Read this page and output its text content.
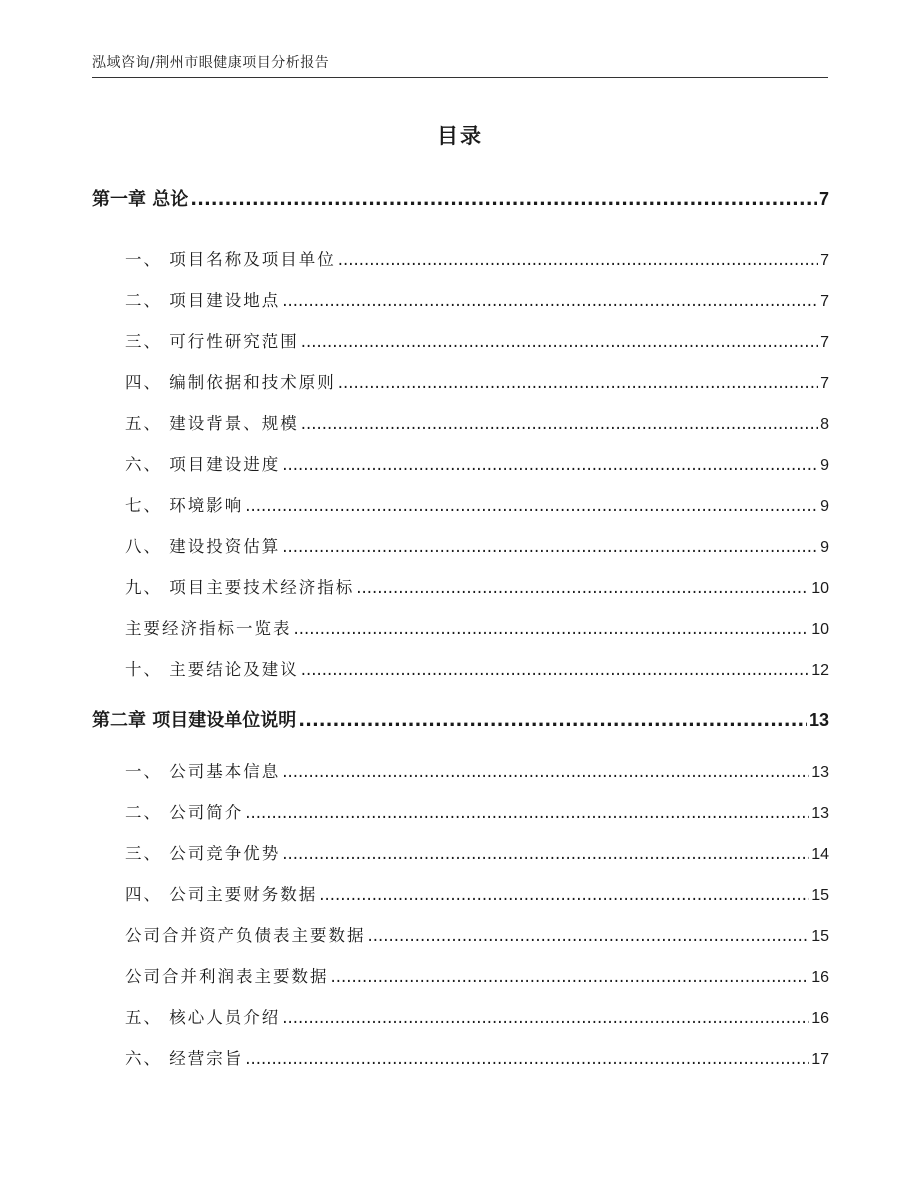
泓域咨询/荆州市眼健康项目分析报告
目录
第一章 总论 .....	7
一、 项目名称及项目单位 .....	7
二、 项目建设地点 .....	7
三、 可行性研究范围 .....	7
四、 编制依据和技术原则 .....	7
五、 建设背景、规模 .....	8
六、 项目建设进度 .....	9
七、 环境影响 .....	9
八、 建设投资估算 .....	9
九、 项目主要技术经济指标 .....	10
主要经济指标一览表 .....	10
十、 主要结论及建议 .....	12
第二章 项目建设单位说明 .....	13
一、 公司基本信息 .....	13
二、 公司简介 .....	13
三、 公司竞争优势 .....	14
四、 公司主要财务数据 .....	15
公司合并资产负债表主要数据 .....	15
公司合并利润表主要数据 .....	16
五、 核心人员介绍 .....	16
六、 经营宗旨 .....	17
